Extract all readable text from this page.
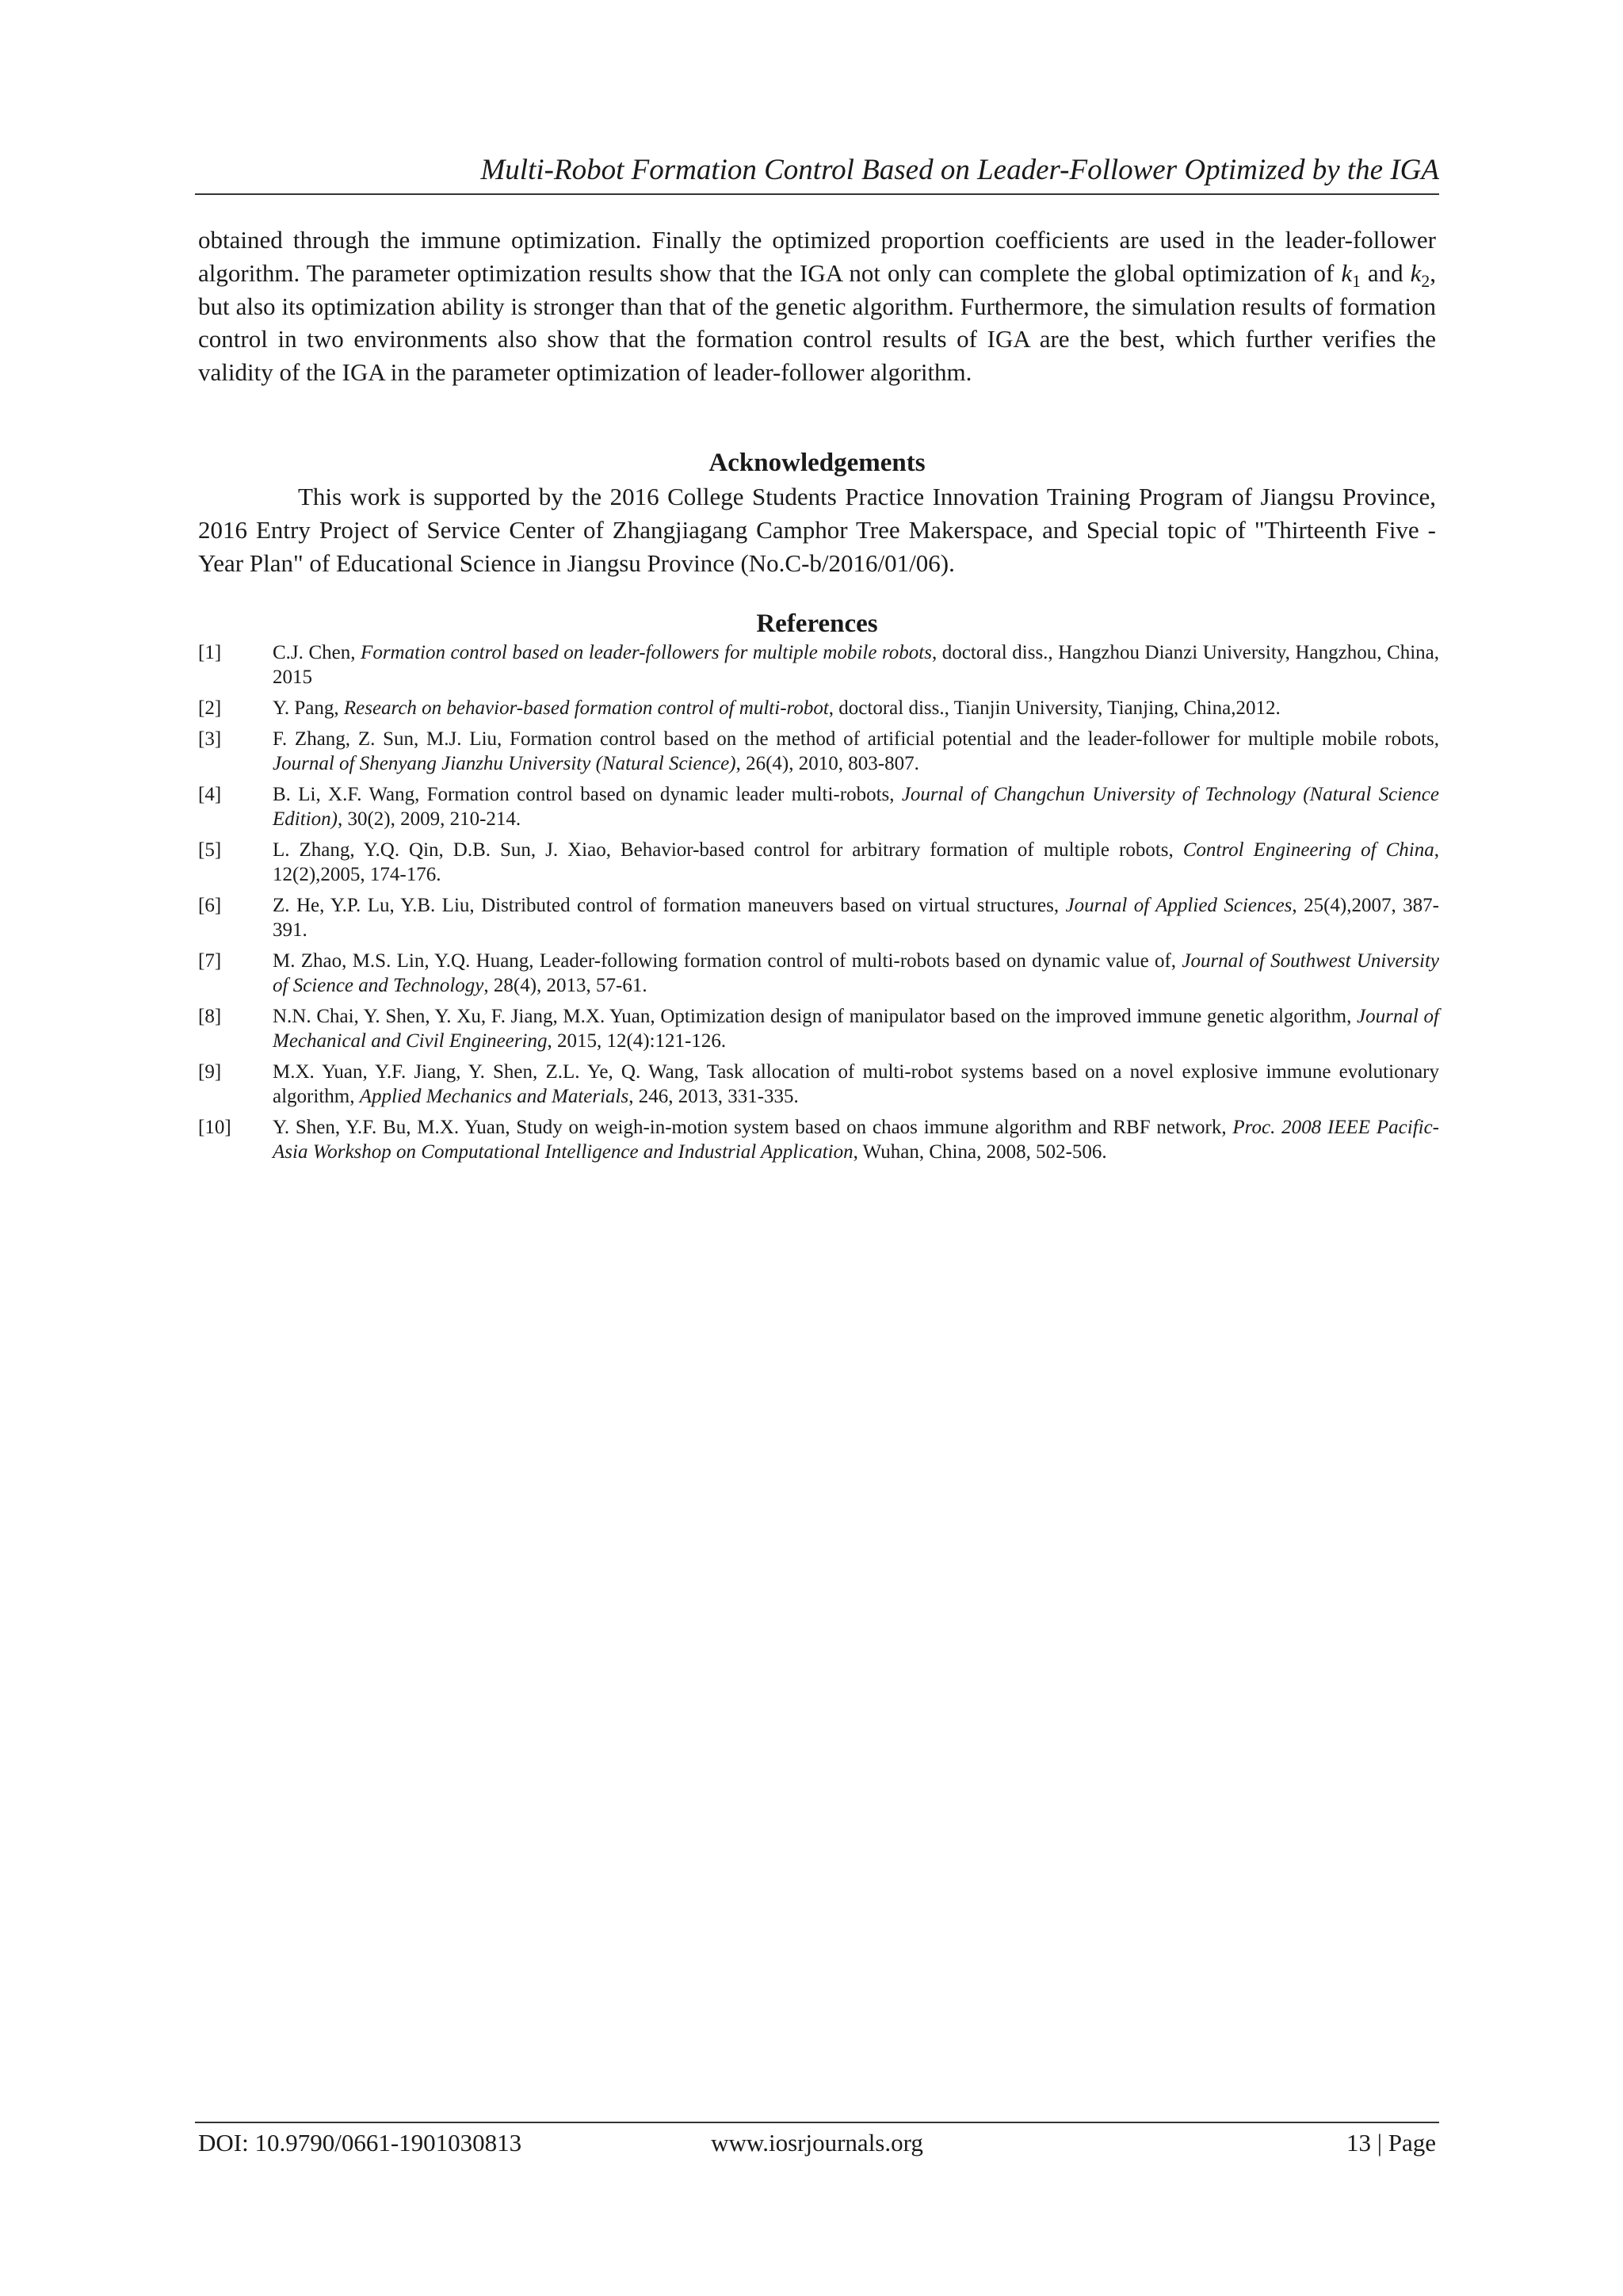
Multi-Robot Formation Control Based on Leader-Follower Optimized by the IGA

obtained through the immune optimization. Finally the optimized proportion coefficients are used in the leader-follower algorithm. The parameter optimization results show that the IGA not only can complete the global optimization of $k_1$ and $k_2$, but also its optimization ability is stronger than that of the genetic algorithm. Furthermore, the simulation results of formation control in two environments also show that the formation control results of IGA are the best, which further verifies the validity of the IGA in the parameter optimization of leader-follower algorithm.

Acknowledgements

This work is supported by the 2016 College Students Practice Innovation Training Program of Jiangsu Province, 2016 Entry Project of Service Center of Zhangjiagang Camphor Tree Makerspace, and Special topic of "Thirteenth Five - Year Plan" of Educational Science in Jiangsu Province (No.C-b/2016/01/06).

References
[1]	C.J. Chen, Formation control based on leader-followers for multiple mobile robots, doctoral diss., Hangzhou Dianzi University, Hangzhou, China, 2015
[2]	Y. Pang, Research on behavior-based formation control of multi-robot, doctoral diss., Tianjin University, Tianjing, China,2012.
[3]	F. Zhang, Z. Sun, M.J. Liu, Formation control based on the method of artificial potential and the leader-follower for multiple mobile robots, Journal of Shenyang Jianzhu University (Natural Science), 26(4), 2010, 803-807.
[4]	B. Li, X.F. Wang, Formation control based on dynamic leader multi-robots, Journal of Changchun University of Technology (Natural Science Edition), 30(2), 2009, 210-214.
[5]	L. Zhang, Y.Q. Qin, D.B. Sun, J. Xiao, Behavior-based control for arbitrary formation of multiple robots, Control Engineering of China, 12(2),2005, 174-176.
[6]	Z. He, Y.P. Lu, Y.B. Liu, Distributed control of formation maneuvers based on virtual structures, Journal of Applied Sciences, 25(4),2007, 387-391.
[7]	M. Zhao, M.S. Lin, Y.Q. Huang, Leader-following formation control of multi-robots based on dynamic value of, Journal of Southwest University of Science and Technology, 28(4), 2013, 57-61.
[8]	N.N. Chai, Y. Shen, Y. Xu, F. Jiang, M.X. Yuan, Optimization design of manipulator based on the improved immune genetic algorithm, Journal of Mechanical and Civil Engineering, 2015, 12(4):121-126.
[9]	M.X. Yuan, Y.F. Jiang, Y. Shen, Z.L. Ye, Q. Wang, Task allocation of multi-robot systems based on a novel explosive immune evolutionary algorithm, Applied Mechanics and Materials, 246, 2013, 331-335.
[10] Y. Shen, Y.F. Bu, M.X. Yuan, Study on weigh-in-motion system based on chaos immune algorithm and RBF network, Proc. 2008 IEEE Pacific-Asia Workshop on Computational Intelligence and Industrial Application, Wuhan, China, 2008, 502-506.
DOI: 10.9790/0661-1901030813	www.iosrjournals.org	13 | Page
